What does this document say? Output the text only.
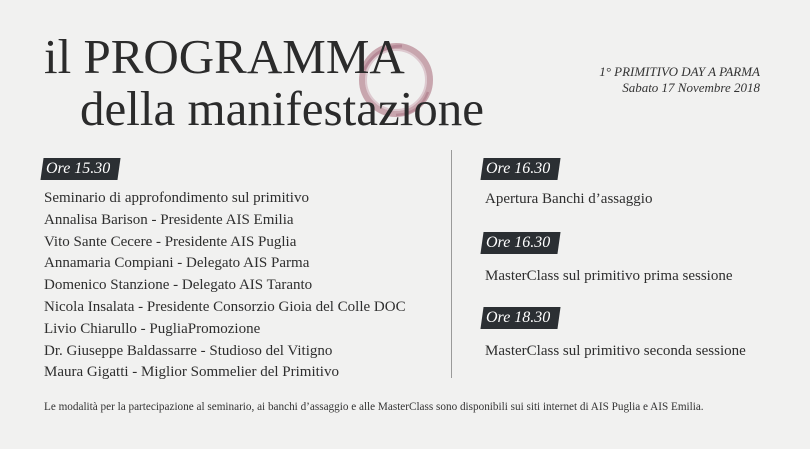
il PROGRAMMA
della manifestazione
1° PRIMITIVO DAY A PARMA
Sabato 17 Novembre 2018
Ore 15.30
Seminario di approfondimento sul primitivo
Annalisa Barison - Presidente AIS Emilia
Vito Sante Cecere - Presidente AIS Puglia
Annamaria Compiani - Delegato AIS Parma
Domenico Stanzione - Delegato AIS Taranto
Nicola Insalata - Presidente Consorzio Gioia del Colle DOC
Livio Chiarullo - PugliaPromozione
Dr. Giuseppe Baldassarre - Studioso del Vitigno
Maura Gigatti - Miglior Sommelier del Primitivo
Ore 16.30
Apertura Banchi d’assaggio
Ore 16.30
MasterClass sul primitivo prima sessione
Ore 18.30
MasterClass sul primitivo seconda sessione
Le modalità per la partecipazione al seminario, ai banchi d’assaggio e alle MasterClass sono disponibili sui siti internet di AIS Puglia e AIS Emilia.
